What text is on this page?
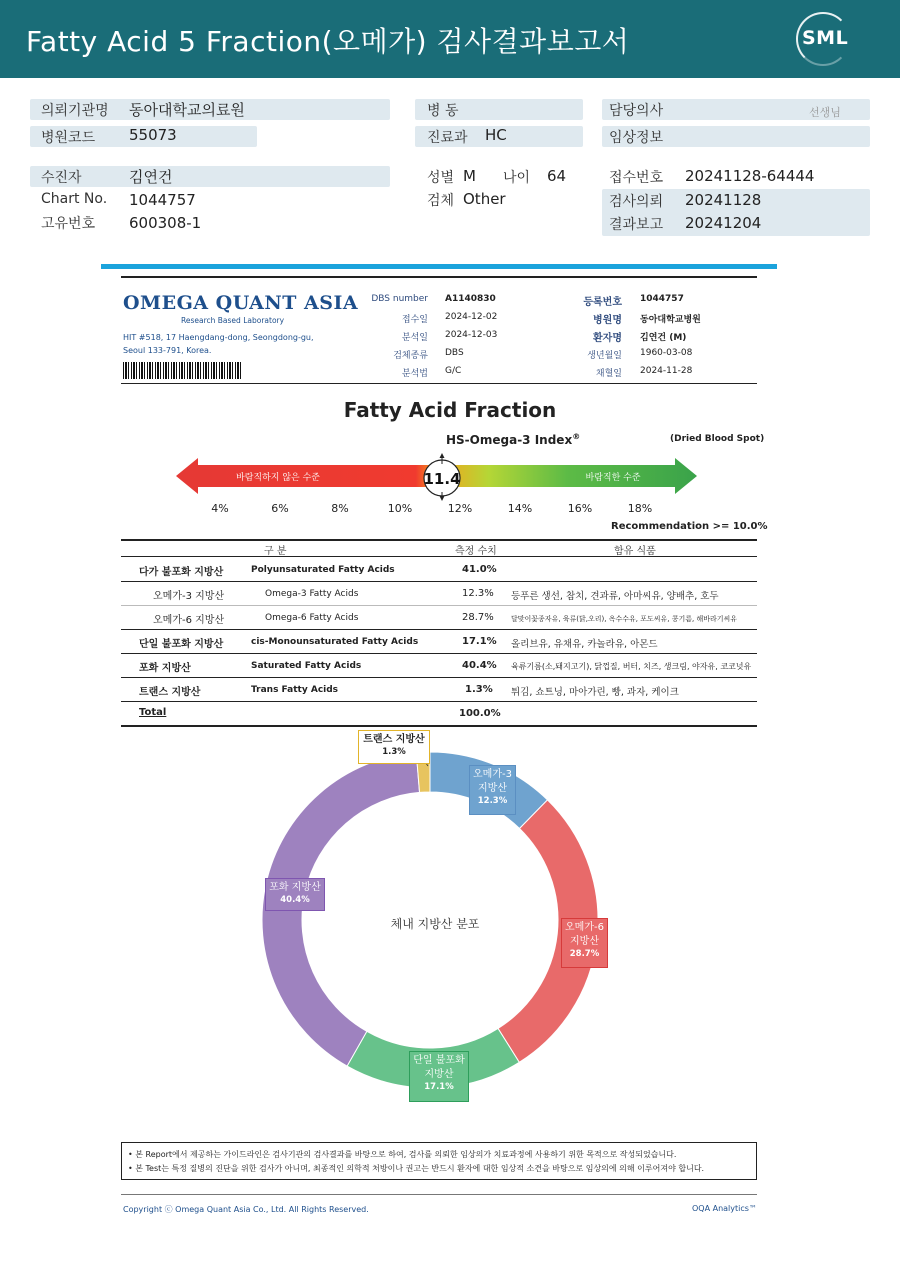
Fatty Acid 5 Fraction(오메가) 검사결과보고서	SML
의뢰기관명 동아대학교의료원
병원코드 55073
병 동
진료과 HC
담당의사	선생님
임상정보
수진자	김연건
Chart No. 1044757
고유번호 600308-1
성별 M 나이 64
검체 Other
접수번호 20241128-64444
검사의뢰 20241128
결과보고 20241204
OMEGA QUANT ASIA
Research Based Laboratory
HIT #518, 17 Haengdang-dong, Seongdong-gu,
Seoul 133-791, Korea.
DBS number A1140830
접수일 2024-12-02
분석일 2024-12-03
검체종류 DBS
분석법 G/C
등록번호 1044757
병원명 동아대학교병원
환자명 김연건 (M)
생년월일 1960-03-08
채혈일 2024-11-28
Fatty Acid Fraction
HS-Omega-3 Index®	(Dried Blood Spot)
바람직하지 않은 수준	바람직한 수준
11.4
4%	6%	8%	10%	12%	14%	16%	18%
Recommendation >= 10.0%
구 분	측정 수치	함유 식품
다가 불포화 지방산	Polyunsaturated Fatty Acids	41.0%
오메가-3 지방산	Omega-3 Fatty Acids	12.3% 등푸른 생선, 참치, 견과류, 아마씨유, 양배추, 호두
오메가-6 지방산	Omega-6 Fatty Acids	28.7% 달맞이꽃종자유, 육류(닭,오리), 옥수수유, 포도씨유, 콩기름, 해바라기씨유
단일 불포화 지방산	cis-Monounsaturated Fatty Acids	17.1% 올리브유, 유채유, 카놀라유, 아몬드
포화 지방산	Saturated Fatty Acids	40.4% 육류기름(소,돼지고기), 닭껍질, 버터, 치즈, 생크림, 야자유, 코코넛유
트랜스 지방산	Trans Fatty Acids	1.3% 튀김, 쇼트닝, 마아가린, 빵, 과자, 케이크
Total	100.0%
체내 지방산 분포
오메가-3 지방산
12.3%
오메가-6 지방산
28.7%
단일 불포화 지방산
17.1%
포화 지방산
40.4%
트랜스 지방산
1.3%
• 본 Report에서 제공하는 가이드라인은 검사기관의 검사결과를 바탕으로 하여, 검사를 의뢰한 임상의가 치료과정에 사용하기 위한 목적으로 작성되었습니다.
• 본 Test는 특정 질병의 진단을 위한 검사가 아니며, 최종적인 의학적 처방이나 권고는 반드시 환자에 대한 임상적 소견을 바탕으로 임상의에 의해 이루어져야 합니다.
Copyright ⓒ Omega Quant Asia Co., Ltd. All Rights Reserved.	OQA Analytics™
